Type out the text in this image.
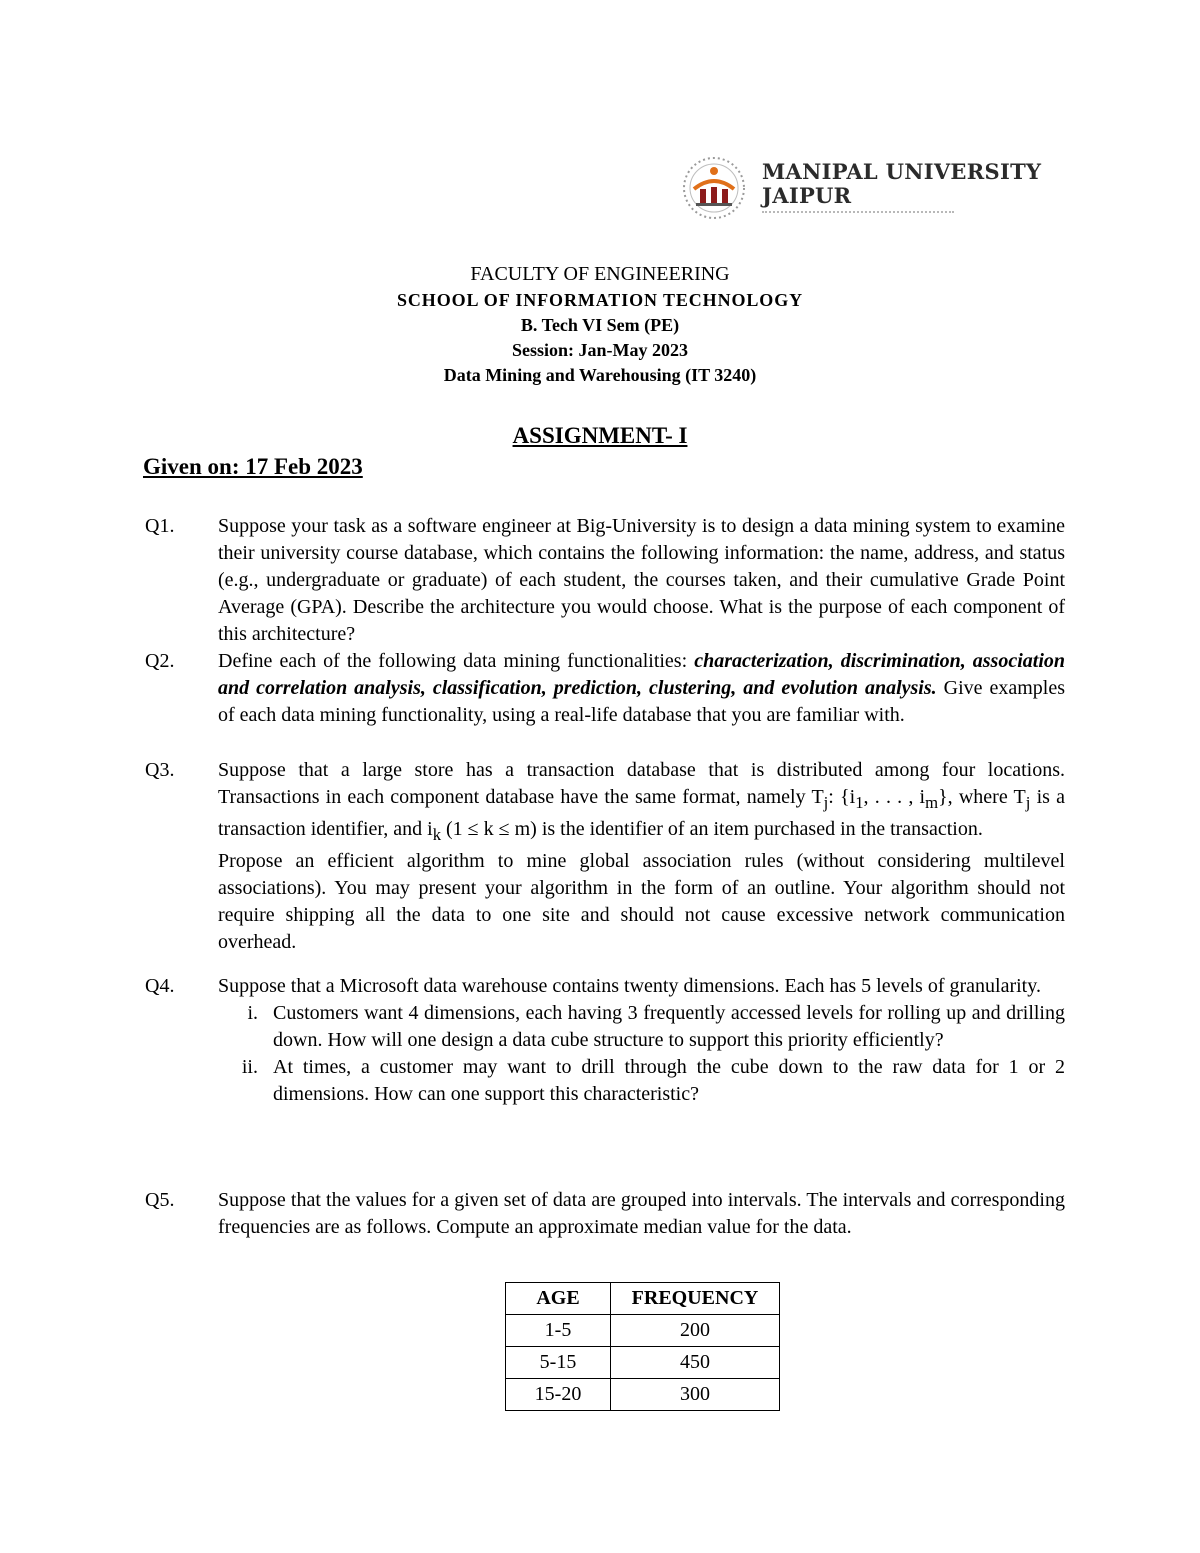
MANIPAL UNIVERSITY
JAIPUR
FACULTY OF ENGINEERING
SCHOOL OF INFORMATION TECHNOLOGY
B. Tech VI Sem (PE)
Session: Jan-May 2023
Data Mining and Warehousing (IT 3240)
ASSIGNMENT- I
Given on: 17 Feb 2023
Q1.	Suppose your task as a software engineer at Big-University is to design a data mining system to examine their university course database, which contains the following information: the name, address, and status (e.g., undergraduate or graduate) of each student, the courses taken, and their cumulative Grade Point Average (GPA). Describe the architecture you would choose. What is the purpose of each component of this architecture?
Q2.	Define each of the following data mining functionalities: characterization, discrimination, association and correlation analysis, classification, prediction, clustering, and evolution analysis. Give examples of each data mining functionality, using a real-life database that you are familiar with.
Q3.	Suppose that a large store has a transaction database that is distributed among four locations. Transactions in each component database have the same format, namely $T_j$: {$i_1$, . . . , $i_m$}, where $T_j$ is a transaction identifier, and $i_k$ (1 ≤ k ≤ m) is the identifier of an item purchased in the transaction.
Propose an efficient algorithm to mine global association rules (without considering multilevel associations). You may present your algorithm in the form of an outline. Your algorithm should not require shipping all the data to one site and should not cause excessive network communication overhead.
Q4.	Suppose that a Microsoft data warehouse contains twenty dimensions. Each has 5 levels of granularity.
i. Customers want 4 dimensions, each having 3 frequently accessed levels for rolling up and drilling down. How will one design a data cube structure to support this priority efficiently?
ii. At times, a customer may want to drill through the cube down to the raw data for 1 or 2 dimensions. How can one support this characteristic?
Q5.	Suppose that the values for a given set of data are grouped into intervals. The intervals and corresponding frequencies are as follows. Compute an approximate median value for the data.
AGE	FREQUENCY
1-5	200
5-15	450
15-20	300
